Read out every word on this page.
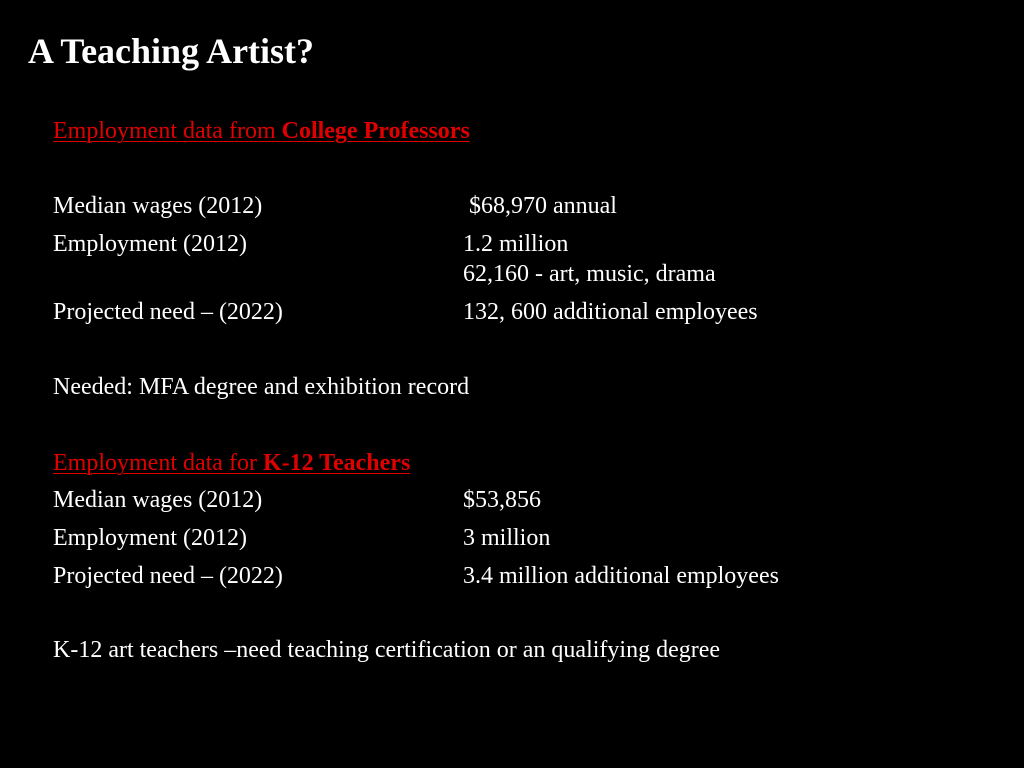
A Teaching Artist?
Employment data from College Professors
Median wages (2012)	$68,970 annual
Employment (2012)	1.2 million
62,160 - art, music, drama
Projected need – (2022)	132, 600 additional employees
Needed: MFA degree and exhibition record
Employment data for K-12 Teachers
Median wages (2012)	$53,856
Employment (2012)	3 million
Projected need – (2022)	3.4 million additional employees
K-12 art teachers –need teaching certification or an qualifying degree
